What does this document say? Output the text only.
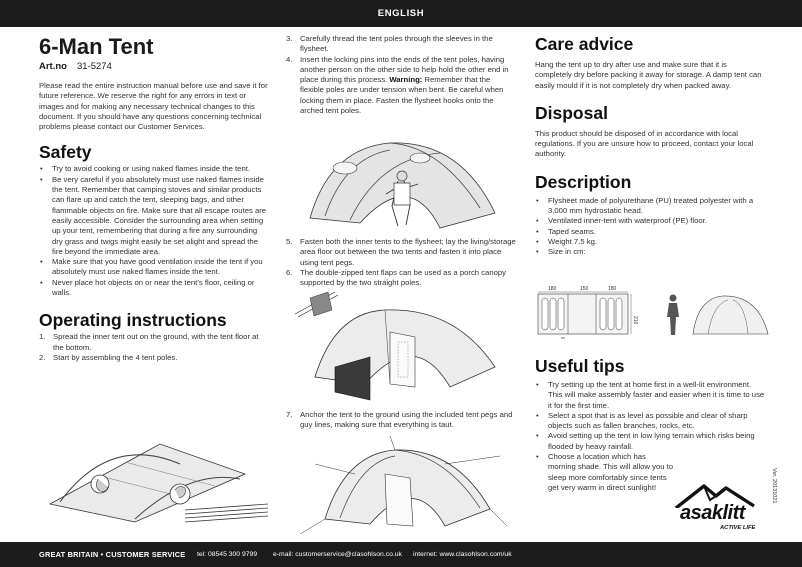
ENGLISH
6-Man Tent
Art.no 31-5274

Please read the entire instruction manual before use and save it for future reference. We reserve the right for any errors in text or images and for making any necessary technical changes to this document. If you should have any questions concerning technical problems please contact our Customer Services.

Safety
• Try to avoid cooking or using naked flames inside the tent.
• Be very careful if you absolutely must use naked flames inside the tent. Remember that camping stoves and similar products can flare up and catch the tent, sleeping bags, and other flammable objects on fire. Make sure that all escape routes are easily accessible. Consider the surrounding area when setting up your tent, remembering that during a fire any surrounding dry grass and twigs might easily be set alight and spread the fire beyond the immediate area.
• Make sure that you have good ventilation inside the tent if you absolutely must use naked flames inside the tent.
• Never place hot objects on or near the tent’s floor, ceiling or walls.
Operating instructions
1. Spread the inner tent out on the ground, with the tent floor at the bottom.
2. Start by assembling the 4 tent poles.
3. Carefully thread the tent poles through the sleeves in the flysheet.
4. Insert the locking pins into the ends of the tent poles, having another person on the other side to help hold the other end in place during this process. Warning: Remember that the flexible poles are under tension when bent. Be careful when locking them in place. Fasten the flysheet hooks onto the arched tent poles.
5. Fasten both the inner tents to the flysheet; lay the living/storage area floor out between the two tents and fasten it into place using tent pegs.
6. The double-zipped tent flaps can be used as a porch canopy supported by the two straight poles.
7. Anchor the tent to the ground using the included tent pegs and guy lines, making sure that everything is taut.
Care advice

Hang the tent up to dry after use and make sure that it is completely dry before packing it away for storage. A damp tent can easily mould if it is not completely dry when packed away.

Disposal

This product should be disposed of in accordance with local regulations. If you are unsure how to proceed, contact your local authority.

Description
• Flysheet made of polyurethane (PU) treated polyester with a 3,000 mm hydrostatic head.
• Ventilated inner-tent with waterproof (PE) floor.
• Taped seams.
• Weight 7.5 kg.
• Size in cm:
180	150	180
210
**
Useful tips
• Try setting up the tent at home first in a well-lit environment. This will make assembly faster and easier when it is time to use it for the first time.
• Select a spot that is as level as possible and clear of sharp objects such as fallen branches, rocks, etc.
• Avoid setting up the tent in low lying terrain which risks being flooded by heavy rainfall.
• Choose a location which has morning shade. This will allow you to sleep more comfortably since tents get very warm in direct sunlight!
asaklitt
ACTIVE LIFE
Ver. 20131021
GREAT BRITAIN • CUSTOMER SERVICE tel: 08545 300 9799 e-mail: customerservice@clasohlson.co.uk internet: www.clasohlson.com/uk
